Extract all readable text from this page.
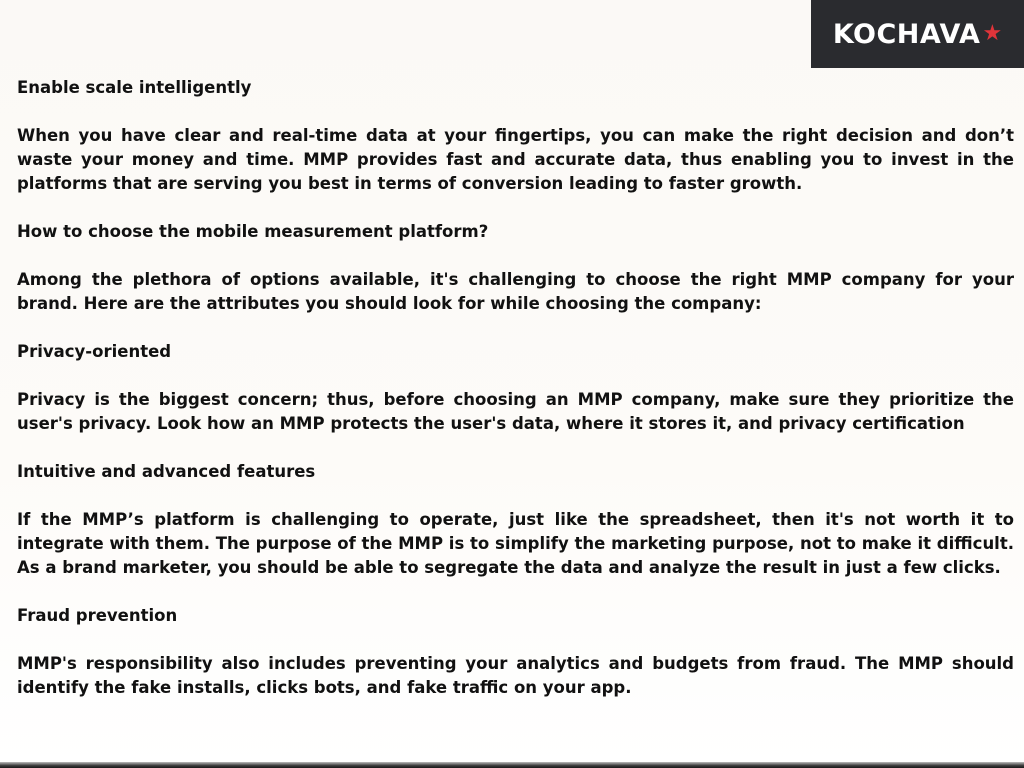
KOCHAVA ★

Enable scale intelligently

When you have clear and real-time data at your fingertips, you can make the right decision and don’t waste your money and time. MMP provides fast and accurate data, thus enabling you to invest in the platforms that are serving you best in terms of conversion leading to faster growth.

How to choose the mobile measurement platform?

Among the plethora of options available, it's challenging to choose the right MMP company for your brand. Here are the attributes you should look for while choosing the company:

Privacy-oriented

Privacy is the biggest concern; thus, before choosing an MMP company, make sure they prioritize the user's privacy. Look how an MMP protects the user's data, where it stores it, and privacy certification

Intuitive and advanced features

If the MMP’s platform is challenging to operate, just like the spreadsheet, then it's not worth it to integrate with them. The purpose of the MMP is to simplify the marketing purpose, not to make it difficult. As a brand marketer, you should be able to segregate the data and analyze the result in just a few clicks.

Fraud prevention

MMP's responsibility also includes preventing your analytics and budgets from fraud. The MMP should identify the fake installs, clicks bots, and fake traffic on your app.
